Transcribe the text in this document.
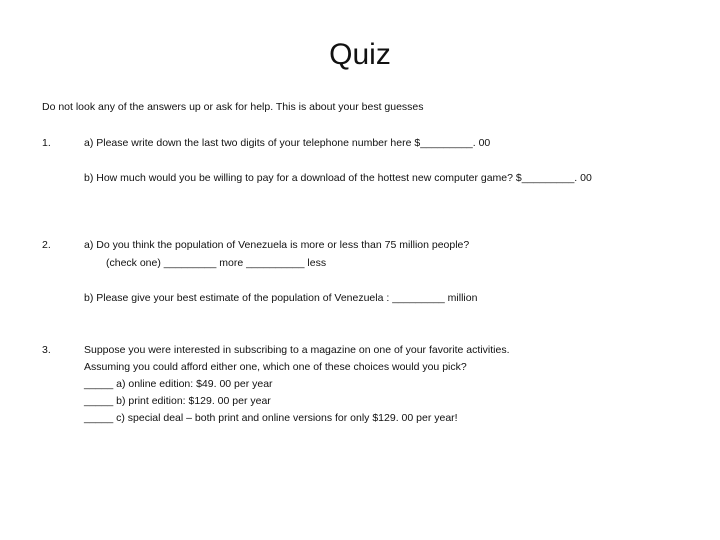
Quiz
Do not look any of the answers up or ask for help. This is about your best guesses
1.	a) Please write down the last two digits of your telephone number here $_________. 00
b) How much would you be willing to pay for a download of the hottest new computer game? $_________. 00
2.	a) Do you think the population of Venezuela is more or less than 75 million people?
(check one) _________ more __________ less
b) Please give your best estimate of the population of Venezuela : _________ million
3.	Suppose you were interested in subscribing to a magazine on one of your favorite activities.
Assuming you could afford either one, which one of these choices would you pick?
_____ a) online edition: $49. 00 per year
_____ b) print edition: $129. 00 per year
_____ c) special deal – both print and online versions for only $129. 00 per year!
